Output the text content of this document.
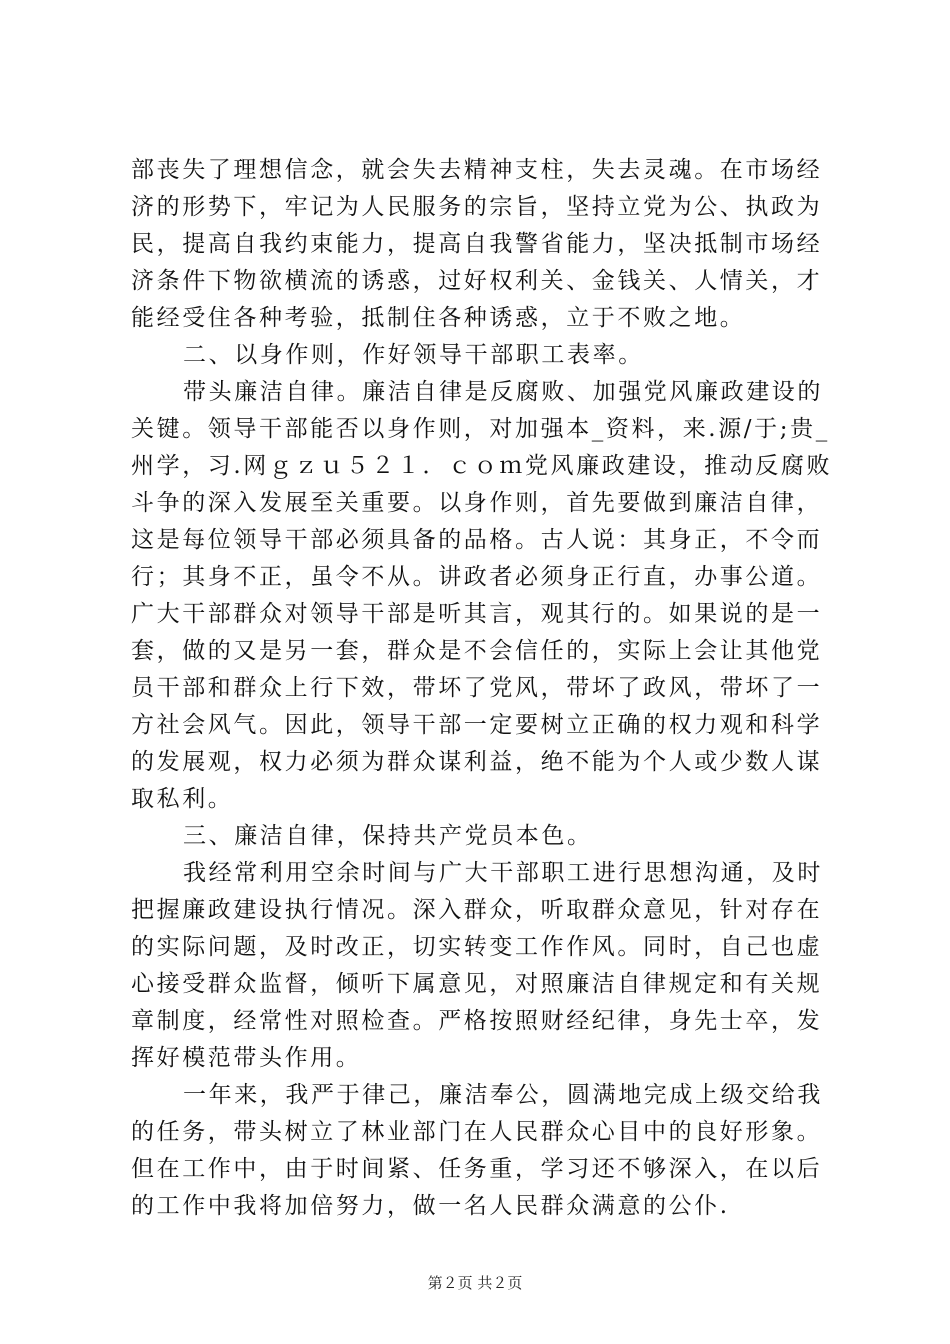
部丧失了理想信念，就会失去精神支柱，失去灵魂。在市场经
济的形势下，牢记为人民服务的宗旨，坚持立党为公、执政为
民，提高自我约束能力，提高自我警省能力，坚决抵制市场经
济条件下物欲横流的诱惑，过好权利关、金钱关、人情关，才
能经受住各种考验，抵制住各种诱惑，立于不败之地。
二、以身作则，作好领导干部职工表率。
带头廉洁自律。廉洁自律是反腐败、加强党风廉政建设的
关键。领导干部能否以身作则，对加强本_资料，来.源/于;贵_
州学，习.网ｇｚｕ５２１．ｃｏｍ党风廉政建设，推动反腐败
斗争的深入发展至关重要。以身作则，首先要做到廉洁自律，
这是每位领导干部必须具备的品格。古人说：其身正，不令而
行；其身不正，虽令不从。讲政者必须身正行直，办事公道。
广大干部群众对领导干部是听其言，观其行的。如果说的是一
套，做的又是另一套，群众是不会信任的，实际上会让其他党
员干部和群众上行下效，带坏了党风，带坏了政风，带坏了一
方社会风气。因此，领导干部一定要树立正确的权力观和科学
的发展观，权力必须为群众谋利益，绝不能为个人或少数人谋
取私利。
三、廉洁自律，保持共产党员本色。
我经常利用空余时间与广大干部职工进行思想沟通，及时
把握廉政建设执行情况。深入群众，听取群众意见，针对存在
的实际问题，及时改正，切实转变工作作风。同时，自己也虚
心接受群众监督，倾听下属意见，对照廉洁自律规定和有关规
章制度，经常性对照检查。严格按照财经纪律，身先士卒，发
挥好模范带头作用。
一年来，我严于律己，廉洁奉公，圆满地完成上级交给我
的任务，带头树立了林业部门在人民群众心目中的良好形象。
但在工作中，由于时间紧、任务重，学习还不够深入，在以后
的工作中我将加倍努力，做一名人民群众满意的公仆.
第２页 共２页
